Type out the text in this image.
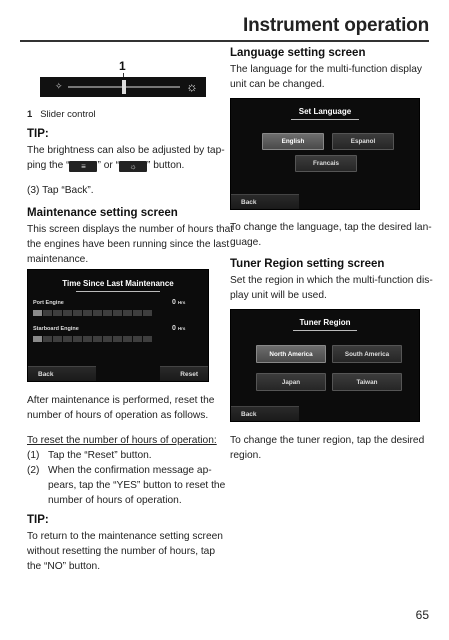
Instrument operation
1
✧	☼
1 Slider control
TIP:
The brightness can also be adjusted by tap-
ping the “ ≡ ” or “ ☼ ” button.
(3) Tap “Back”.
Maintenance setting screen
This screen displays the number of hours that
the engines have been running since the last
maintenance.
Time Since Last Maintenance
Port Engine	0 Hrs
Starboard Engine	0 Hrs
Back	Reset
After maintenance is performed, reset the
number of hours of operation as follows.
To reset the number of hours of operation:
(1) Tap the “Reset” button.
(2) When the confirmation message ap-
pears, tap the “YES” button to reset the
number of hours of operation.
TIP:
To return to the maintenance setting screen
without resetting the number of hours, tap
the “NO” button.
Language setting screen
The language for the multi-function display
unit can be changed.
Set Language
English	Espanol
Francais
Back
To change the language, tap the desired lan-
guage.
Tuner Region setting screen
Set the region in which the multi-function dis-
play unit will be used.
Tuner Region
North America	South America
Japan	Taiwan
Back
To change the tuner region, tap the desired
region.
65
